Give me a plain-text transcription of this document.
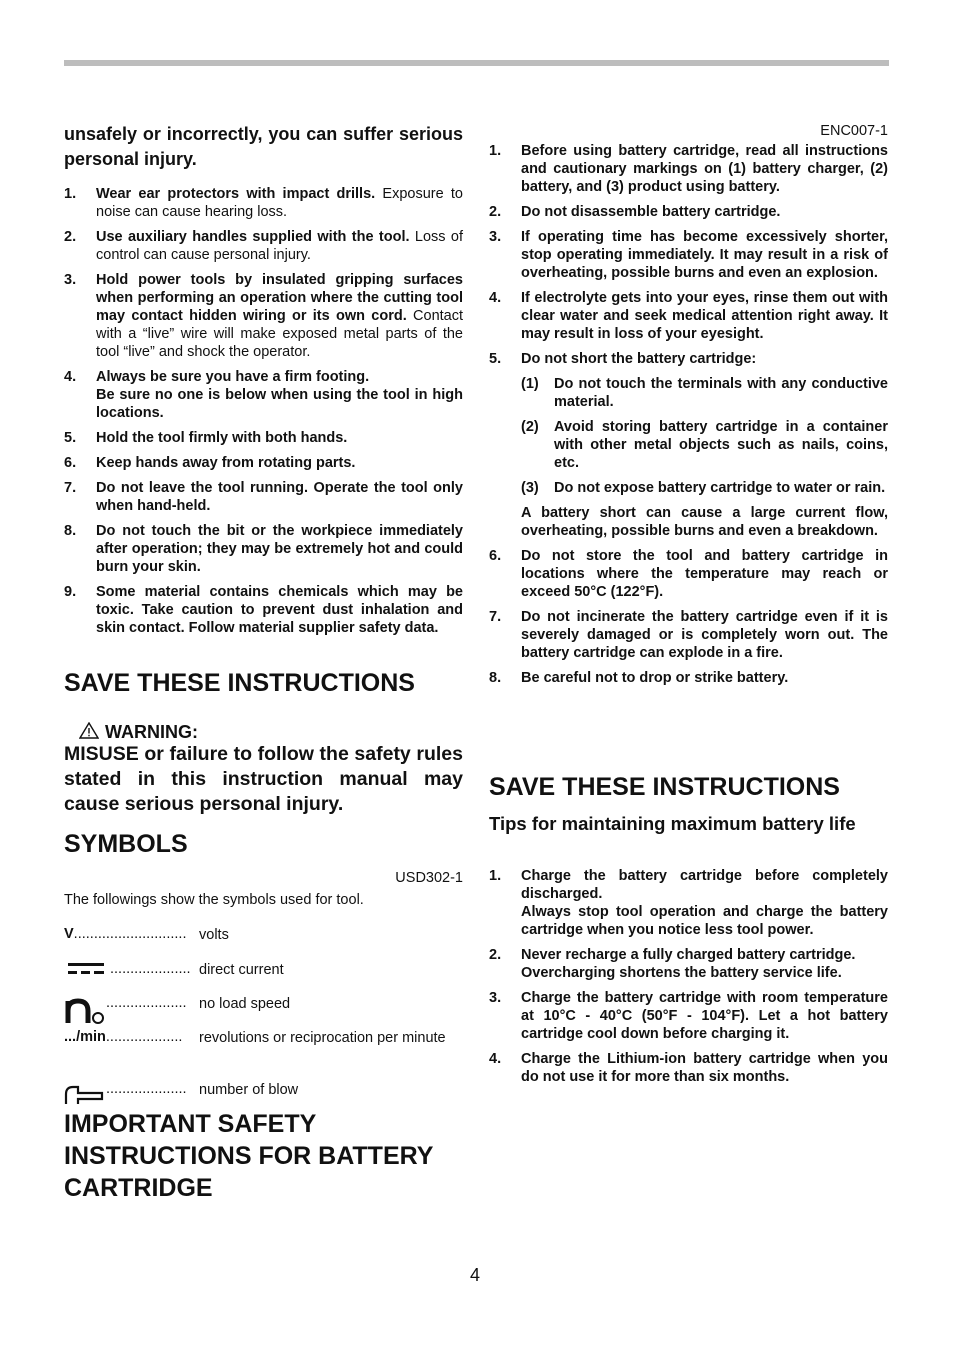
unsafely or incorrectly, you can suffer serious personal injury.
1. Wear ear protectors with impact drills. Exposure to noise can cause hearing loss.
2. Use auxiliary handles supplied with the tool. Loss of control can cause personal injury.
3. Hold power tools by insulated gripping surfaces when performing an operation where the cutting tool may contact hidden wiring or its own cord. Contact with a “live” wire will make exposed metal parts of the tool “live” and shock the operator.
4. Always be sure you have a firm footing.
Be sure no one is below when using the tool in high locations.
5. Hold the tool firmly with both hands.
6. Keep hands away from rotating parts.
7. Do not leave the tool running. Operate the tool only when hand-held.
8. Do not touch the bit or the workpiece immediately after operation; they may be extremely hot and could burn your skin.
9. Some material contains chemicals which may be toxic. Take caution to prevent dust inhalation and skin contact. Follow material supplier safety data.
SAVE THESE INSTRUCTIONS
WARNING:
MISUSE or failure to follow the safety rules stated in this instruction manual may cause serious personal injury.
SYMBOLS
USD302-1
The followings show the symbols used for tool.
V............................ volts
.................... direct current
.................... no load speed
.../min...................	revolutions or reciprocation per minute
.................... number of blow
IMPORTANT SAFETY INSTRUCTIONS FOR BATTERY CARTRIDGE
ENC007-1
1. Before using battery cartridge, read all instructions and cautionary markings on (1) battery charger, (2) battery, and (3) product using battery.
2. Do not disassemble battery cartridge.
3. If operating time has become excessively shorter, stop operating immediately. It may result in a risk of overheating, possible burns and even an explosion.
4. If electrolyte gets into your eyes, rinse them out with clear water and seek medical attention right away. It may result in loss of your eyesight.
5. Do not short the battery cartridge:
(1) Do not touch the terminals with any conductive material.
(2) Avoid storing battery cartridge in a container with other metal objects such as nails, coins, etc.
(3) Do not expose battery cartridge to water or rain.
A battery short can cause a large current flow, overheating, possible burns and even a breakdown.
6. Do not store the tool and battery cartridge in locations where the temperature may reach or exceed 50°C (122°F).
7. Do not incinerate the battery cartridge even if it is severely damaged or is completely worn out. The battery cartridge can explode in a fire.
8. Be careful not to drop or strike battery.
SAVE THESE INSTRUCTIONS
Tips for maintaining maximum battery life
1. Charge the battery cartridge before completely discharged.
Always stop tool operation and charge the battery cartridge when you notice less tool power.
2. Never recharge a fully charged battery cartridge.
Overcharging shortens the battery service life.
3. Charge the battery cartridge with room temperature at 10°C - 40°C (50°F - 104°F). Let a hot battery cartridge cool down before charging it.
4. Charge the Lithium-ion battery cartridge when you do not use it for more than six months.
4
